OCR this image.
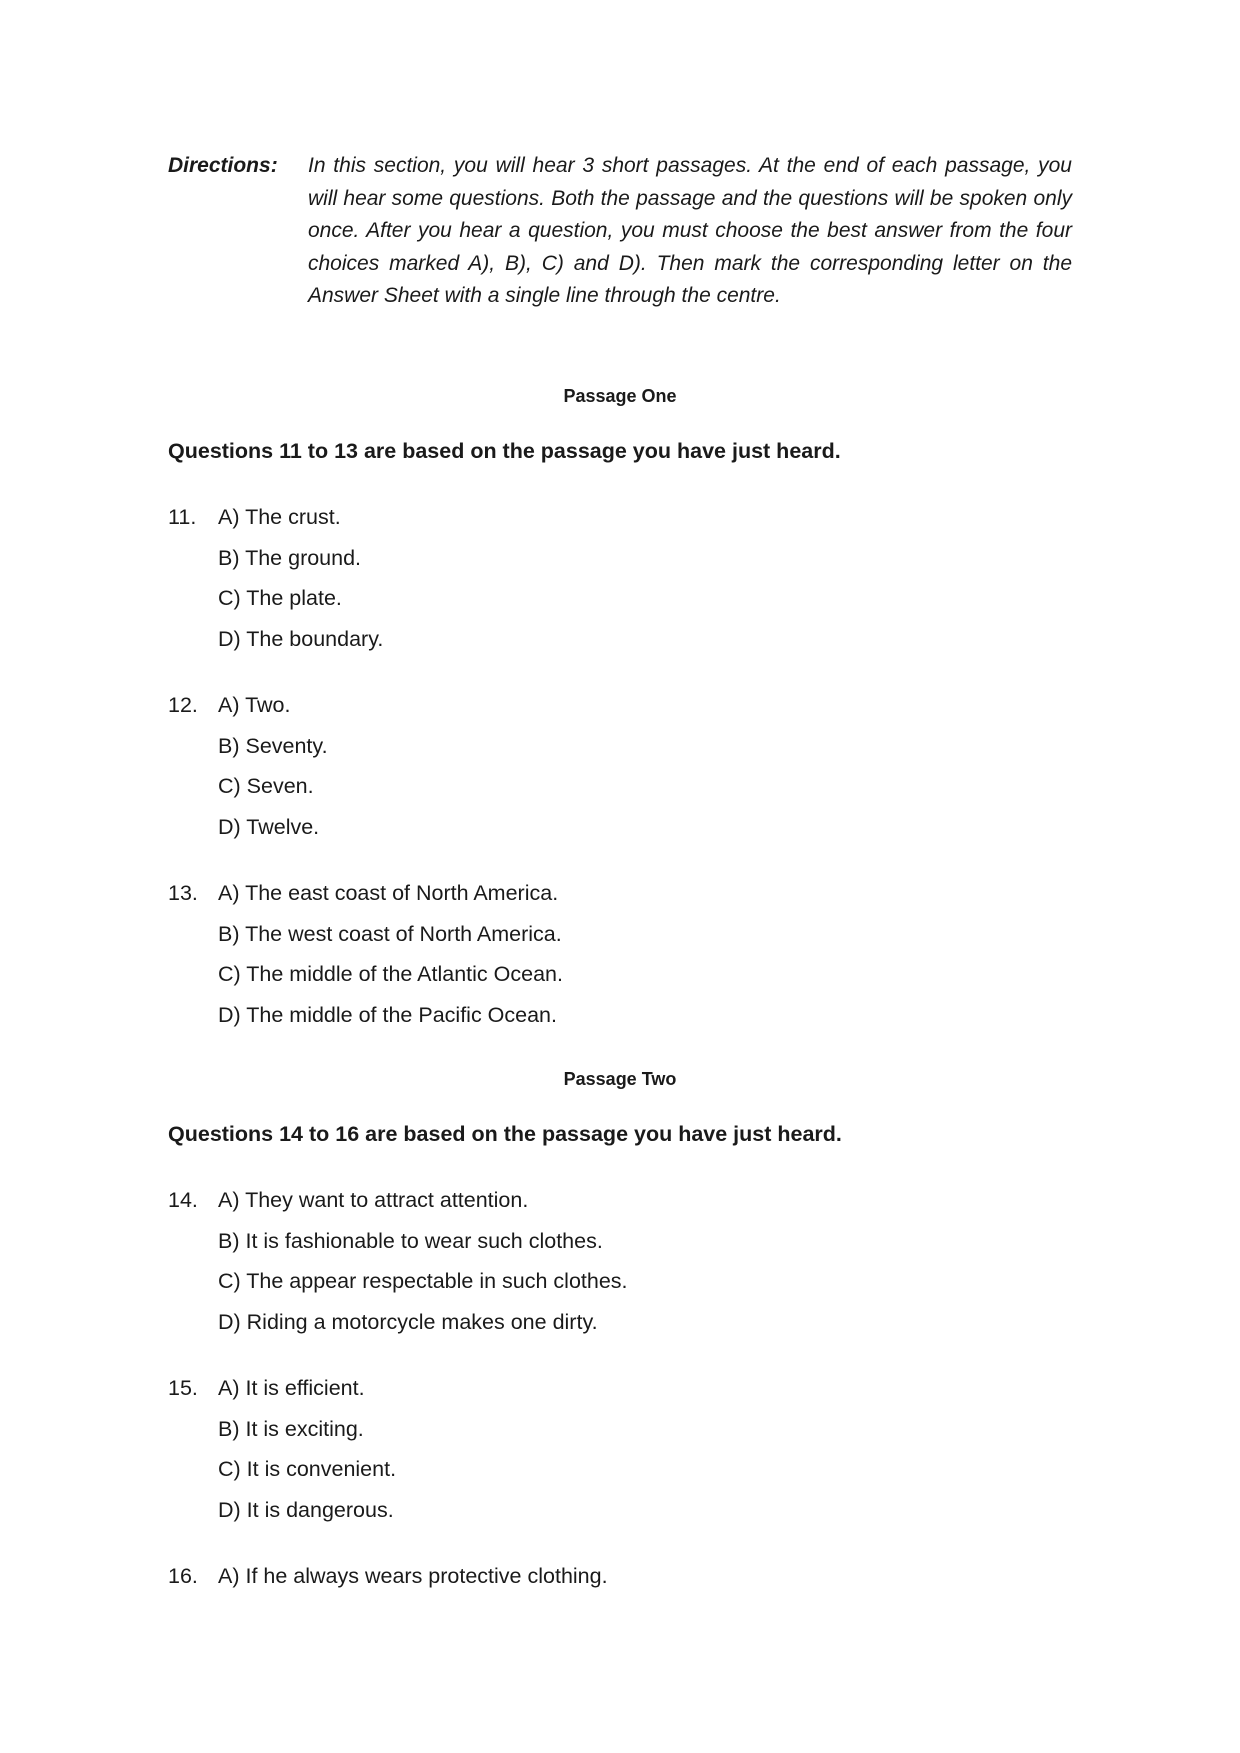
Directions:	In this section, you will hear 3 short passages. At the end of each passage, you will hear some questions. Both the passage and the questions will be spoken only once. After you hear a question, you must choose the best answer from the four choices marked A), B), C) and D). Then mark the corresponding letter on the Answer Sheet with a single line through the centre.
Passage One
Questions 11 to 13 are based on the passage you have just heard.
11.	A) The crust.
B) The ground.
C) The plate.
D) The boundary.
12. A) Two.
B) Seventy.
C) Seven.
D) Twelve.
13. A) The east coast of North America.
B) The west coast of North America.
C) The middle of the Atlantic Ocean.
D) The middle of the Pacific Ocean.
Passage Two
Questions 14 to 16 are based on the passage you have just heard.
14. A) They want to attract attention.
B) It is fashionable to wear such clothes.
C) The appear respectable in such clothes.
D) Riding a motorcycle makes one dirty.
15. A) It is efficient.
B) It is exciting.
C) It is convenient.
D) It is dangerous.
16. A) If he always wears protective clothing.
